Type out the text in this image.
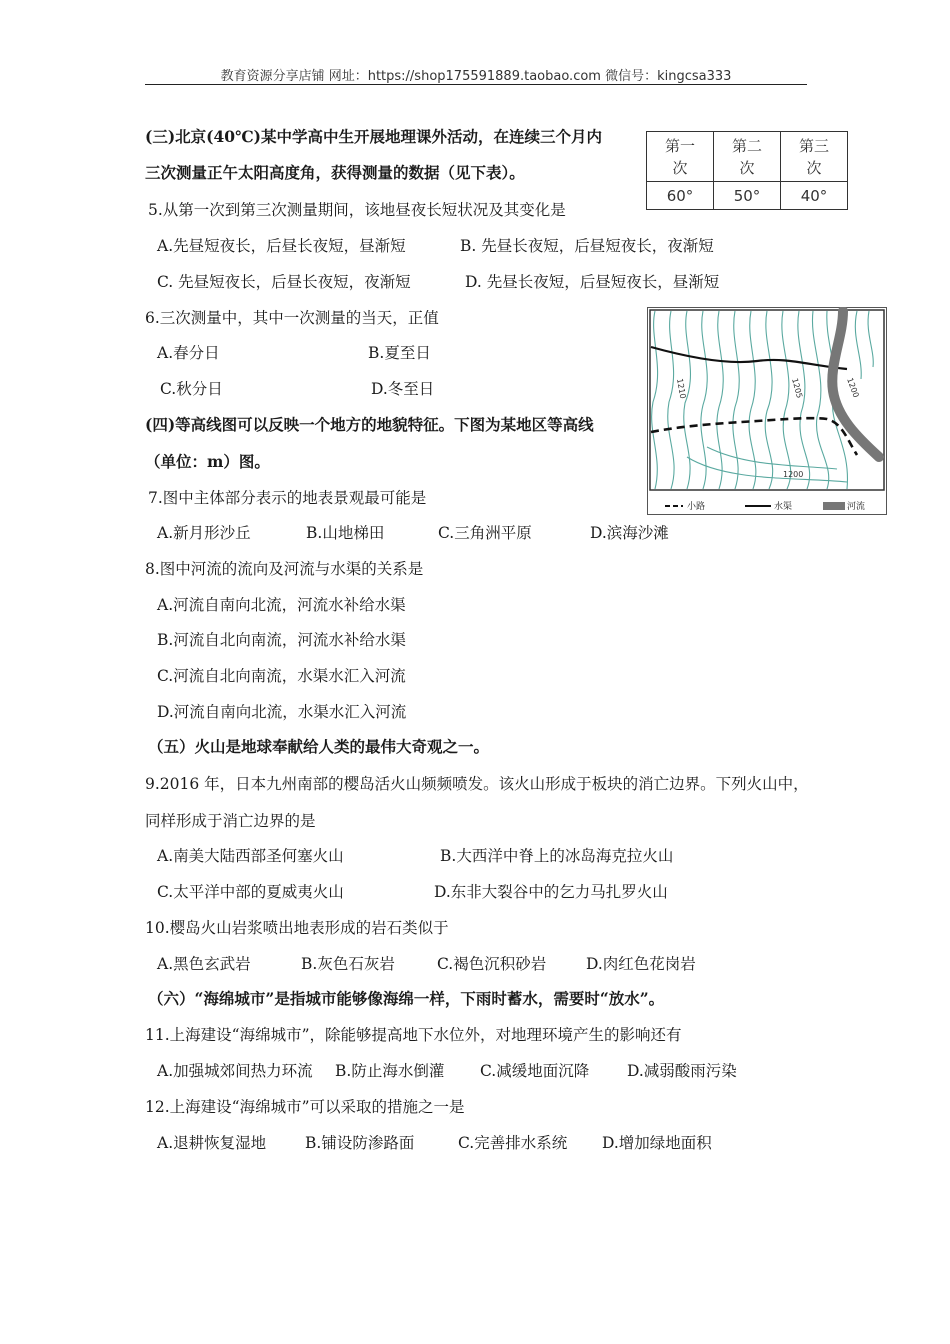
教育资源分享店铺 网址：https://shop175591889.taobao.com 微信号：kingcsa333
(三)北京(40℃)某中学高中生开展地理课外活动，在连续三个月内
三次测量正午太阳高度角，获得测量的数据（见下表）。
第一
次	第二
次	第三
次
60°	50°	40°
5.从第一次到第三次测量期间，该地昼夜长短状况及其变化是
A.先昼短夜长，后昼长夜短，昼渐短	B. 先昼长夜短，后昼短夜长，夜渐短
C. 先昼短夜长，后昼长夜短，夜渐短	D. 先昼长夜短，后昼短夜长，昼渐短
6.三次测量中，其中一次测量的当天，正值
A.春分日	B.夏至日
C.秋分日	D.冬至日
(四)等高线图可以反映一个地方的地貌特征。下图为某地区等高线
（单位：m）图。
1210	1205	1200
1200
小路	水渠	河流
7.图中主体部分表示的地表景观最可能是
A.新月形沙丘	B.山地梯田	C.三角洲平原	D.滨海沙滩
8.图中河流的流向及河流与水渠的关系是
A.河流自南向北流，河流水补给水渠
B.河流自北向南流，河流水补给水渠
C.河流自北向南流，水渠水汇入河流
D.河流自南向北流，水渠水汇入河流
（五）火山是地球奉献给人类的最伟大奇观之一。
9.2016 年，日本九州南部的樱岛活火山频频喷发。该火山形成于板块的消亡边界。下列火山中，
同样形成于消亡边界的是
A.南美大陆西部圣何塞火山	B.大西洋中脊上的冰岛海克拉火山
C.太平洋中部的夏威夷火山	D.东非大裂谷中的乞力马扎罗火山
10.樱岛火山岩浆喷出地表形成的岩石类似于
A.黑色玄武岩	B.灰色石灰岩	C.褐色沉积砂岩	D.肉红色花岗岩
（六）“海绵城市”是指城市能够像海绵一样，下雨时蓄水，需要时“放水”。
11.上海建设“海绵城市”，除能够提高地下水位外，对地理环境产生的影响还有
A.加强城郊间热力环流 B.防止海水倒灌 C.减缓地面沉降 D.减弱酸雨污染
12.上海建设“海绵城市”可以采取的措施之一是
A.退耕恢复湿地	B.铺设防渗路面	C.完善排水系统 D.增加绿地面积
